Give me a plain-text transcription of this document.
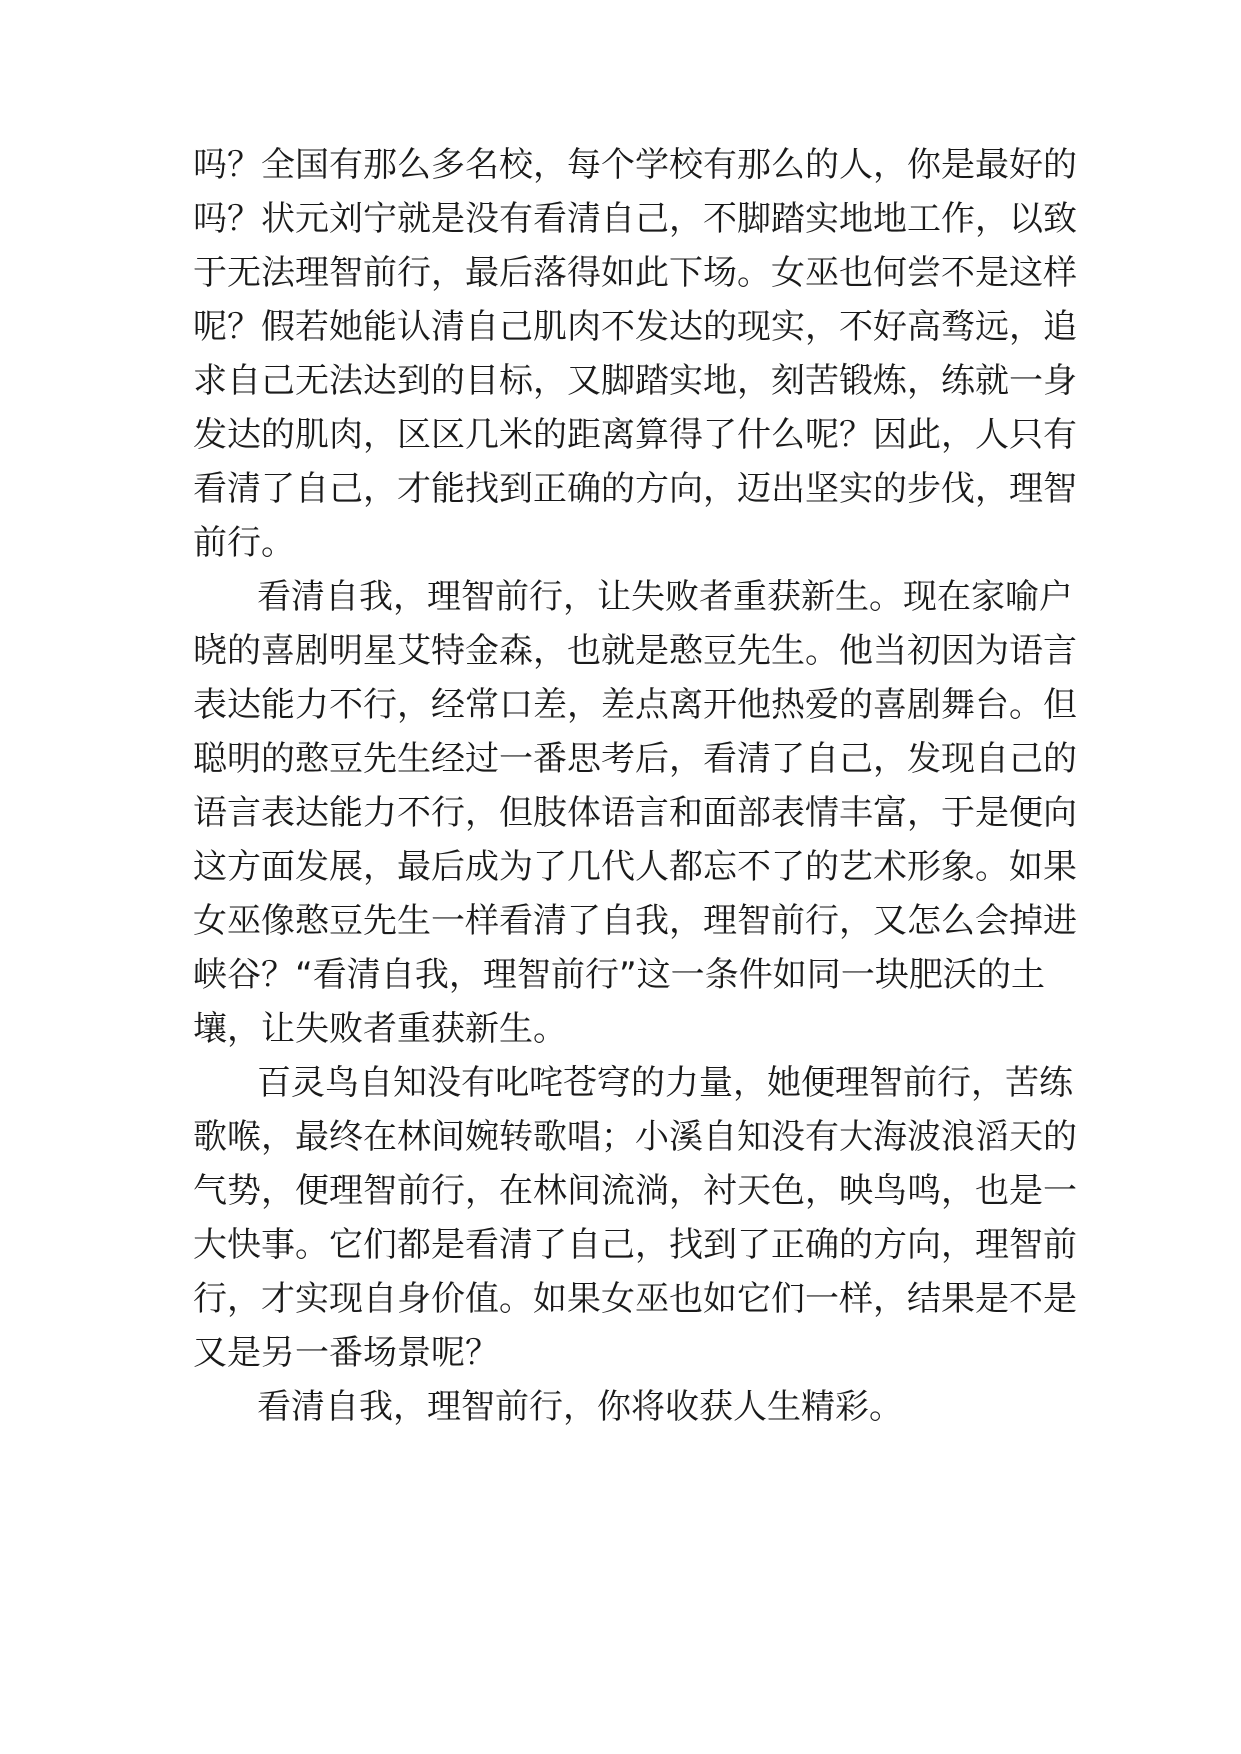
吗？全国有那么多名校，每个学校有那么的人，你是最好的
吗？状元刘宁就是没有看清自己，不脚踏实地地工作，以致
于无法理智前行，最后落得如此下场。女巫也何尝不是这样
呢？假若她能认清自己肌肉不发达的现实，不好高骛远，追
求自己无法达到的目标，又脚踏实地，刻苦锻炼，练就一身
发达的肌肉，区区几米的距离算得了什么呢？因此，人只有
看清了自己，才能找到正确的方向，迈出坚实的步伐，理智
前行。
看清自我，理智前行，让失败者重获新生。现在家喻户
晓的喜剧明星艾特金森，也就是憨豆先生。他当初因为语言
表达能力不行，经常口差，差点离开他热爱的喜剧舞台。但
聪明的憨豆先生经过一番思考后，看清了自己，发现自己的
语言表达能力不行，但肢体语言和面部表情丰富，于是便向
这方面发展，最后成为了几代人都忘不了的艺术形象。如果
女巫像憨豆先生一样看清了自我，理智前行，又怎么会掉进
峡谷？“看清自我，理智前行”这一条件如同一块肥沃的土
壤，让失败者重获新生。
百灵鸟自知没有叱咤苍穹的力量，她便理智前行，苦练
歌喉，最终在林间婉转歌唱；小溪自知没有大海波浪滔天的
气势，便理智前行，在林间流淌，衬天色，映鸟鸣，也是一
大快事。它们都是看清了自己，找到了正确的方向，理智前
行，才实现自身价值。如果女巫也如它们一样，结果是不是
又是另一番场景呢？
看清自我，理智前行，你将收获人生精彩。
